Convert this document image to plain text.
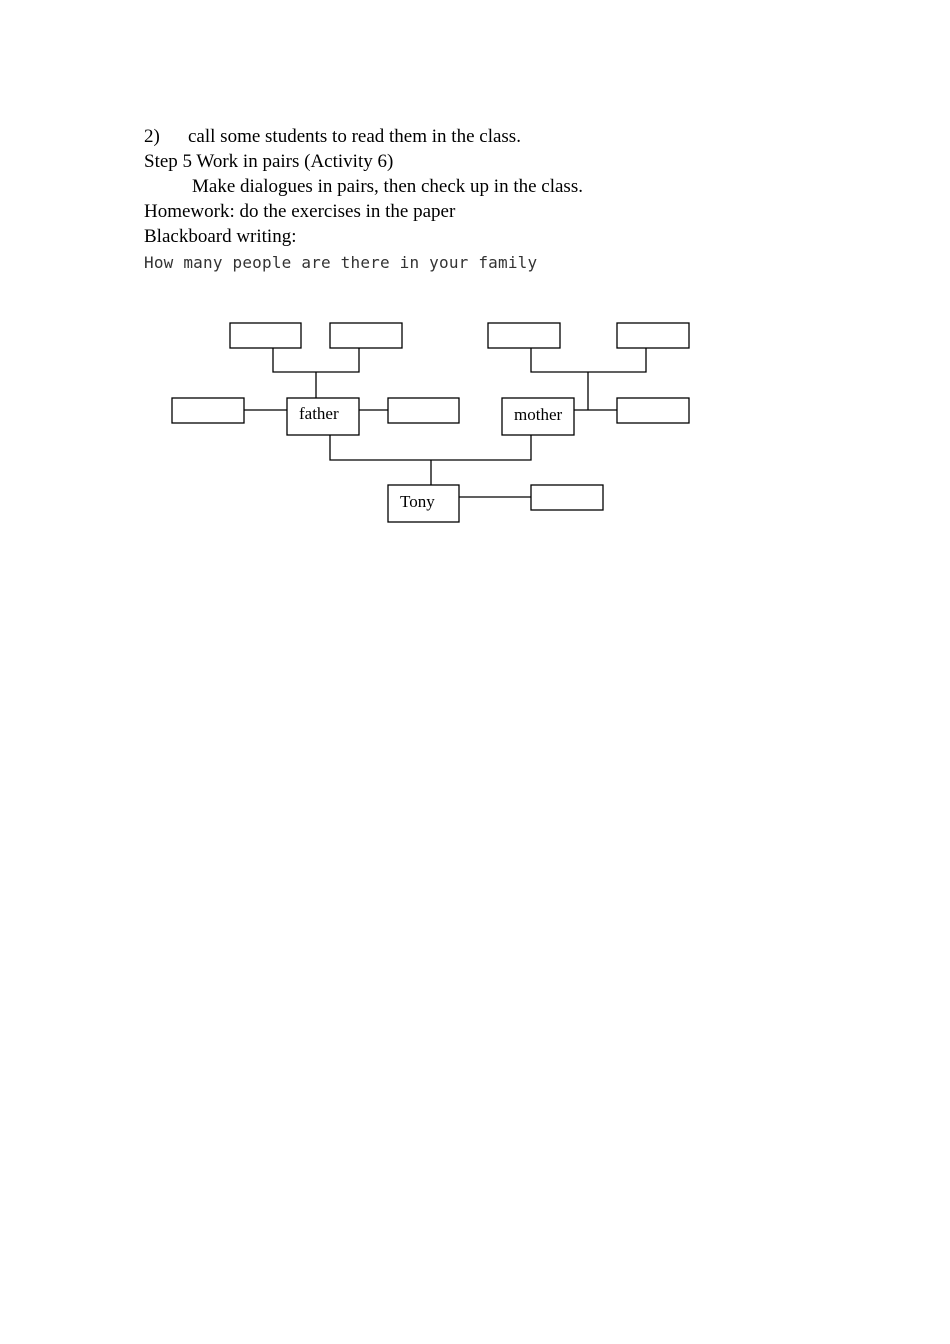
2) call some students to read them in the class.
Step 5 Work in pairs (Activity 6)
Make dialogues in pairs, then check up in the class.
Homework: do the exercises in the paper
Blackboard writing:
How many people are there in your family
father	mother
Tony
